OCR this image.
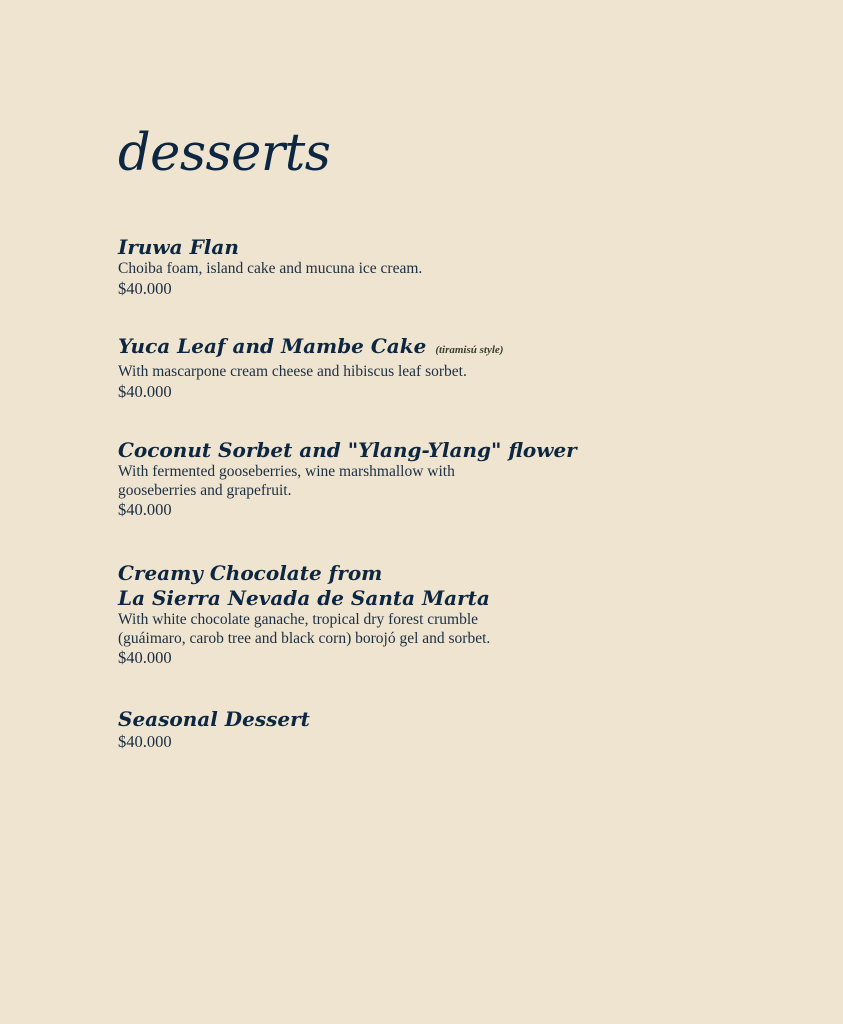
desserts

Iruwa Flan

Choiba foam, island cake and mucuna ice cream.

$40.000

Yuca Leaf and Mambe Cake (tiramisú style)

With mascarpone cream cheese and hibiscus leaf sorbet.

$40.000

Coconut Sorbet and "Ylang-Ylang" flower

With fermented gooseberries, wine marshmallow with

gooseberries and grapefruit.

$40.000

Creamy Chocolate from

La Sierra Nevada de Santa Marta

With white chocolate ganache, tropical dry forest crumble

(guáimaro, carob tree and black corn) borojó gel and sorbet.

$40.000

Seasonal Dessert

$40.000
